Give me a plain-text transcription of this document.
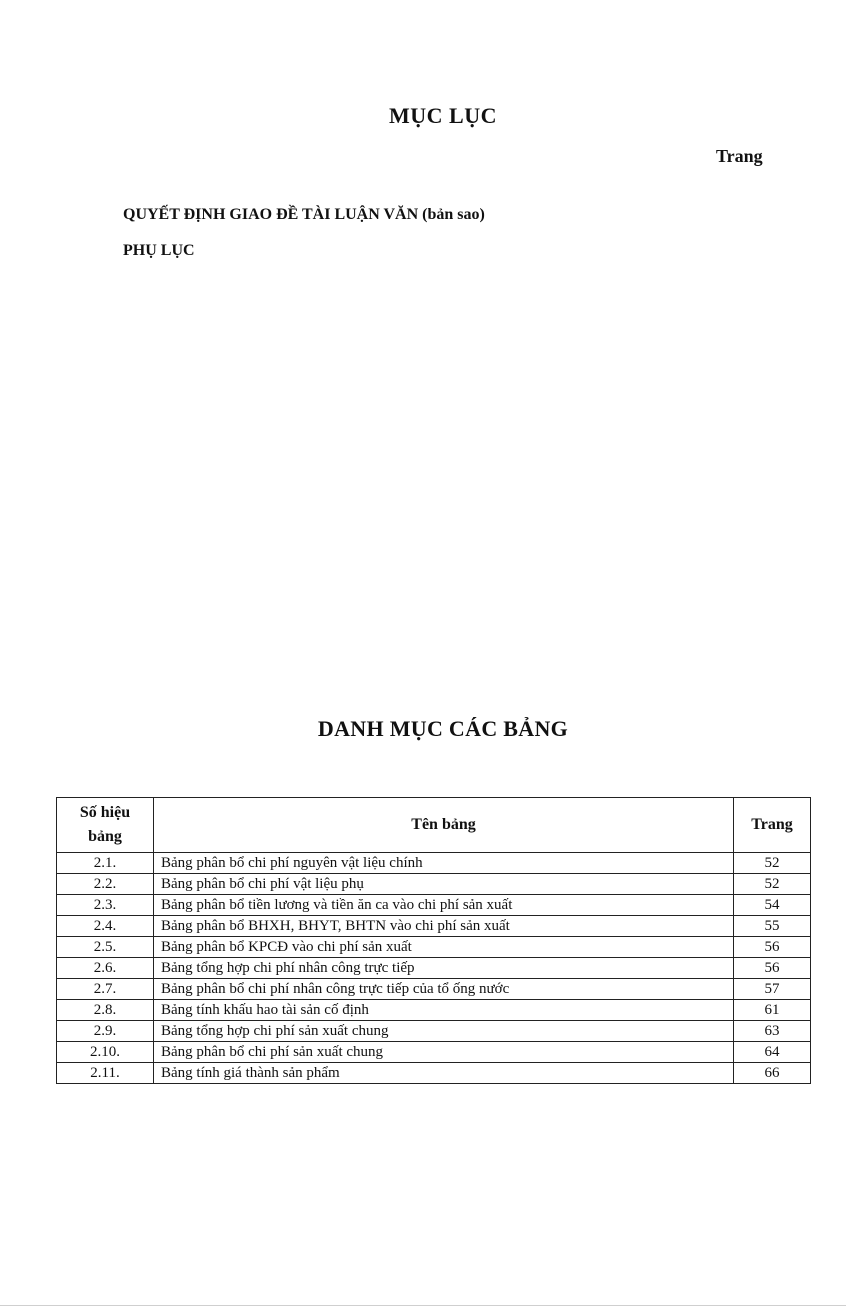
MỤC LỤC
Trang
QUYẾT ĐỊNH GIAO ĐỀ TÀI LUẬN VĂN (bản sao)
PHỤ LỤC
DANH MỤC CÁC BẢNG
Số hiệu
bảng	Tên bảng	Trang
2.1.	Bảng phân bổ chi phí nguyên vật liệu chính	52
2.2.	Bảng phân bổ chi phí vật liệu phụ	52
2.3.	Bảng phân bổ tiền lương và tiền ăn ca vào chi phí sản xuất	54
2.4.	Bảng phân bổ BHXH, BHYT, BHTN vào chi phí sản xuất	55
2.5.	Bảng phân bổ KPCĐ vào chi phí sản xuất	56
2.6.	Bảng tổng hợp chi phí nhân công trực tiếp	56
2.7.	Bảng phân bổ chi phí nhân công trực tiếp của tổ ống nước	57
2.8.	Bảng tính khấu hao tài sản cố định	61
2.9.	Bảng tổng hợp chi phí sản xuất chung	63
2.10.	Bảng phân bổ chi phí sản xuất chung	64
2.11.	Bảng tính giá thành sản phẩm	66
